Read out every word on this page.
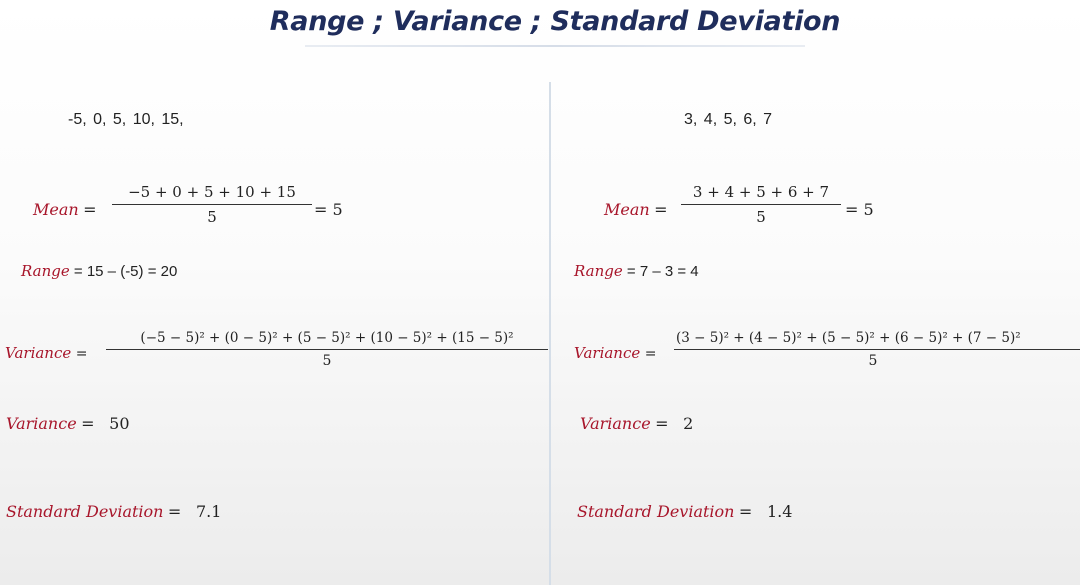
Range ; Variance ; Standard Deviation
-5, 0, 5, 10, 15,
Mean =
−5 + 0 + 5 + 10 + 15
5	= 5
Range = 15 – (-5) = 20
Variance =
(−5 − 5)² + (0 − 5)² + (5 − 5)² + (10 − 5)² + (15 − 5)²
5
Variance =   50
Standard Deviation =   7.1
3, 4, 5, 6, 7
Mean =
3 + 4 + 5 + 6 + 7
5	= 5
Range = 7 – 3 = 4
Variance =
(3 − 5)² + (4 − 5)² + (5 − 5)² + (6 − 5)² + (7 − 5)²
5
Variance =   2
Standard Deviation =   1.4
